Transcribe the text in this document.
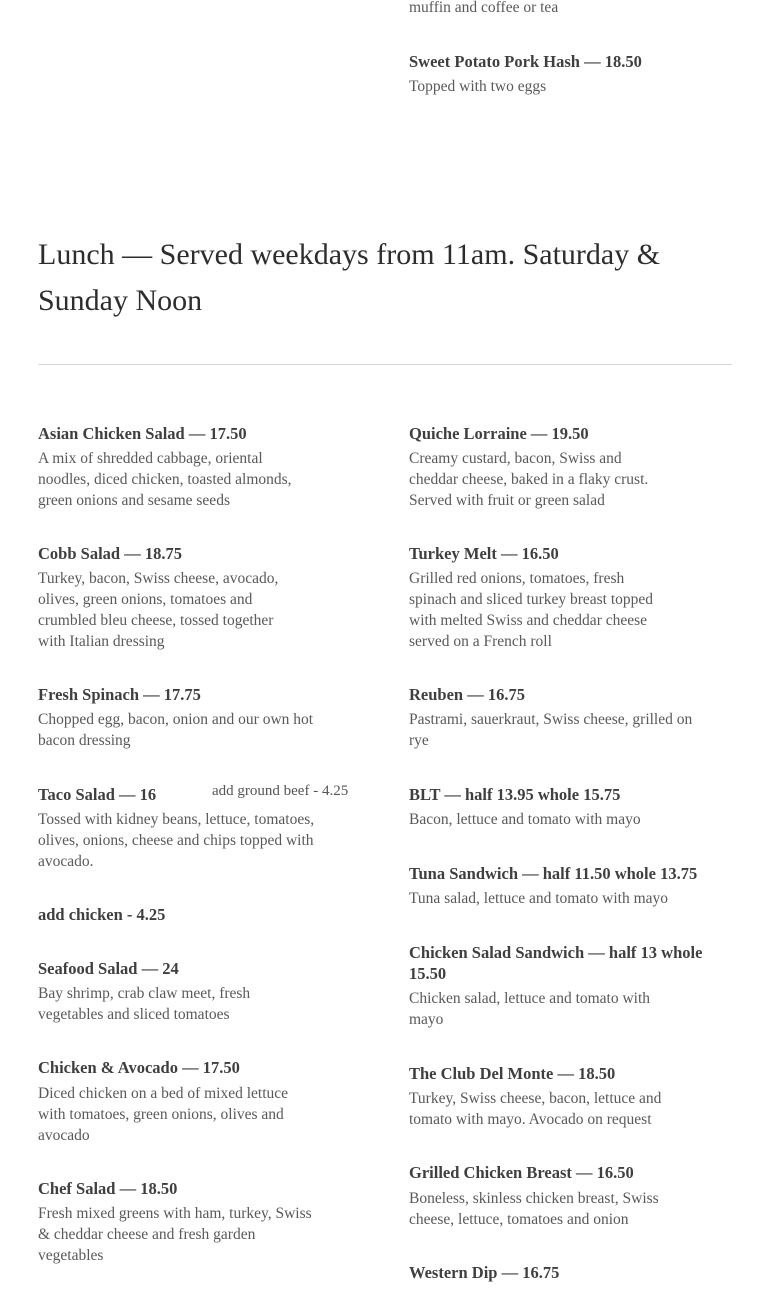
muffin and coffee or tea
Sweet Potato Pork Hash — 18.50
Topped with two eggs
Lunch — Served weekdays from 11am. Saturday & Sunday Noon
Asian Chicken Salad — 17.50
A mix of shredded cabbage, oriental noodles, diced chicken, toasted almonds, green onions and sesame seeds
Cobb Salad — 18.75
Turkey, bacon, Swiss cheese, avocado, olives, green onions, tomatoes and crumbled bleu cheese, tossed together with Italian dressing
Fresh Spinach — 17.75
Chopped egg, bacon, onion and our own hot bacon dressing
Taco Salad — 16	add ground beef - 4.25
Tossed with kidney beans, lettuce, tomatoes, olives, onions, cheese and chips topped with avocado.
add chicken - 4.25
Seafood Salad — 24
Bay shrimp, crab claw meet, fresh vegetables and sliced tomatoes
Chicken & Avocado — 17.50
Diced chicken on a bed of mixed lettuce with tomatoes, green onions, olives and avocado
Chef Salad — 18.50
Fresh mixed greens with ham, turkey, Swiss & cheddar cheese and fresh garden vegetables
Quiche Lorraine — 19.50
Creamy custard, bacon, Swiss and cheddar cheese, baked in a flaky crust. Served with fruit or green salad
Turkey Melt — 16.50
Grilled red onions, tomatoes, fresh spinach and sliced turkey breast topped with melted Swiss and cheddar cheese served on a French roll
Reuben — 16.75
Pastrami, sauerkraut, Swiss cheese, grilled on rye
BLT — half 13.95 whole 15.75
Bacon, lettuce and tomato with mayo
Tuna Sandwich — half 11.50 whole 13.75
Tuna salad, lettuce and tomato with mayo
Chicken Salad Sandwich — half 13 whole 15.50
Chicken salad, lettuce and tomato with mayo
The Club Del Monte — 18.50
Turkey, Swiss cheese, bacon, lettuce and tomato with mayo. Avocado on request
Grilled Chicken Breast — 16.50
Boneless, skinless chicken breast, Swiss cheese, lettuce, tomatoes and onion
Western Dip — 16.75
